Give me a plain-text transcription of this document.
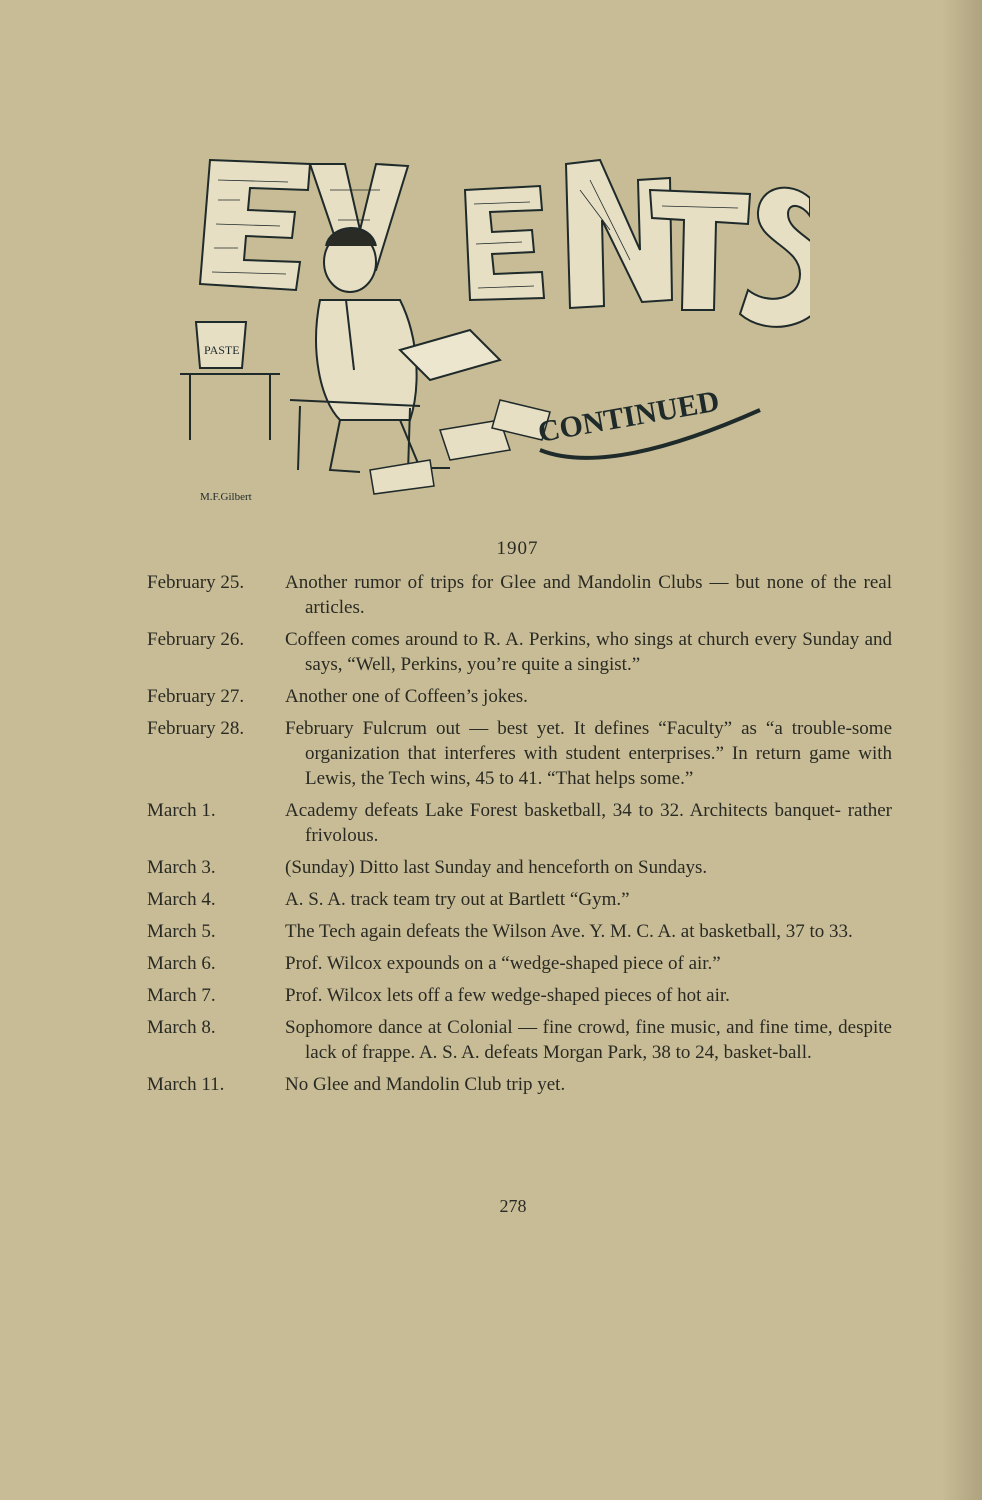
PASTE
CONTINUED
M.F.Gilbert
1907
February 25.	Another rumor of trips for Glee and Mandolin Clubs — but none of the real articles.
February 26.	Coffeen comes around to R. A. Perkins, who sings at church every Sunday and says, “Well, Perkins, you’re quite a singist.”
February 27.	Another one of Coffeen’s jokes.
February 28.	February Fulcrum out — best yet. It defines “Faculty” as “a trouble-some organization that interferes with student enterprises.” In return game with Lewis, the Tech wins, 45 to 41. “That helps some.”
March 1.	Academy defeats Lake Forest basketball, 34 to 32. Architects banquet- rather frivolous.
March 3.	(Sunday) Ditto last Sunday and henceforth on Sundays.
March 4.	A. S. A. track team try out at Bartlett “Gym.”
March 5.	The Tech again defeats the Wilson Ave. Y. M. C. A. at basketball, 37 to 33.
March 6.	Prof. Wilcox expounds on a “wedge-shaped piece of air.”
March 7.	Prof. Wilcox lets off a few wedge-shaped pieces of hot air.
March 8.	Sophomore dance at Colonial — fine crowd, fine music, and fine time, despite lack of frappe. A. S. A. defeats Morgan Park, 38 to 24, basket-ball.
March 11.	No Glee and Mandolin Club trip yet.
278
